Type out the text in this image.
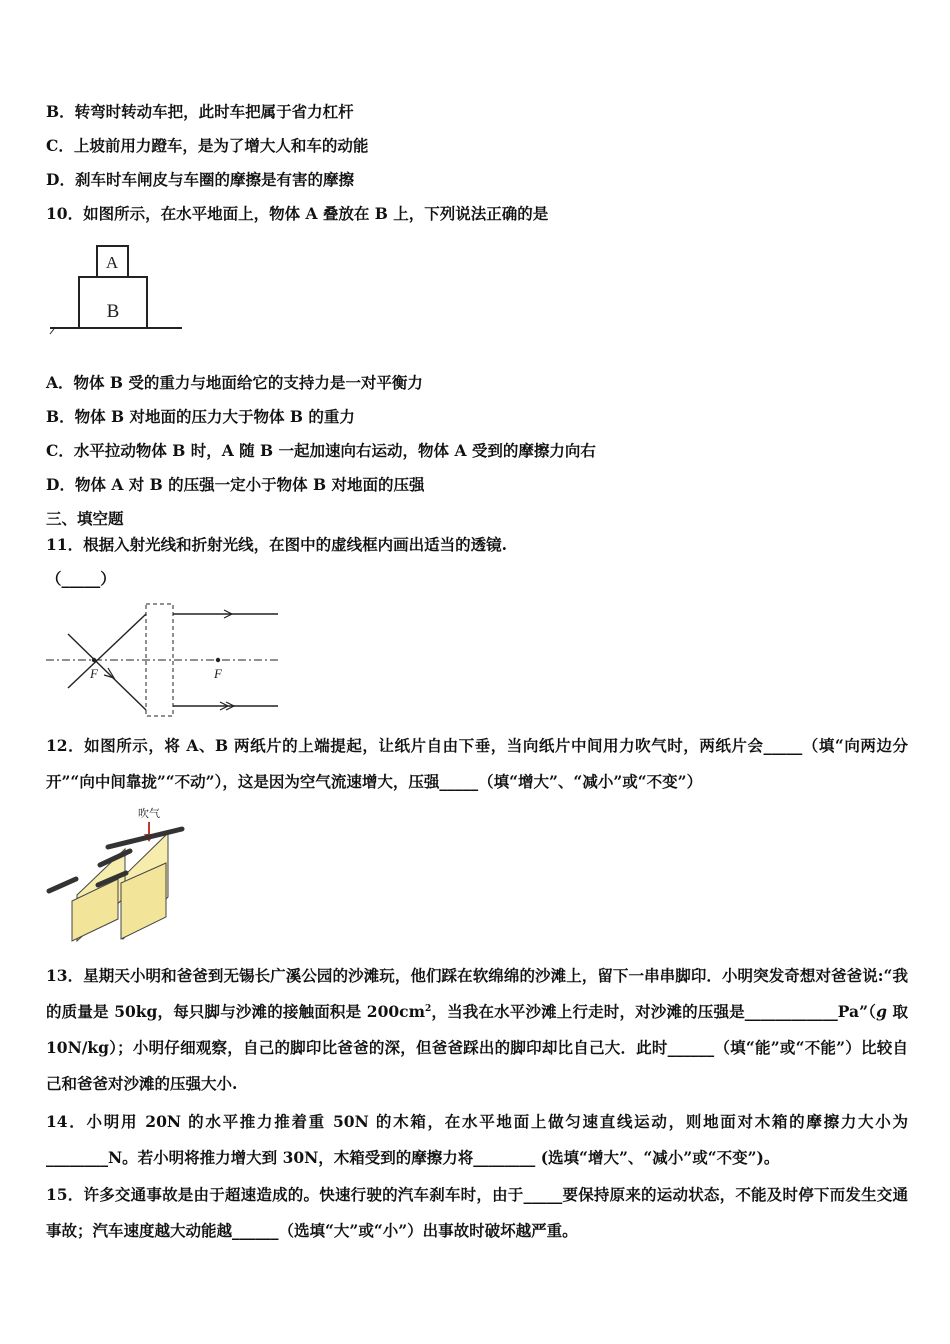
B．转弯时转动车把，此时车把属于省力杠杆
C．上坡前用力蹬车，是为了增大人和车的动能
D．刹车时车闸皮与车圈的摩擦是有害的摩擦
10．如图所示，在水平地面上，物体 A 叠放在 B 上，下列说法正确的是
A
B
A．物体 B 受的重力与地面给它的支持力是一对平衡力
B．物体 B 对地面的压力大于物体 B 的重力
C．水平拉动物体 B 时，A 随 B 一起加速向右运动，物体 A 受到的摩擦力向右
D．物体 A 对 B 的压强一定小于物体 B 对地面的压强
三、填空题
11．根据入射光线和折射光线，在图中的虚线框内画出适当的透镜.
（_____）
F	F
12．如图所示，将 A、B 两纸片的上端提起，让纸片自由下垂，当向纸片中间用力吹气时，两纸片会_____（填“向两边分开”“向中间靠拢”“不动”），这是因为空气流速增大，压强_____（填“增大”、“减小”或“不变”）
吹气
13．星期天小明和爸爸到无锡长广溪公园的沙滩玩，他们踩在软绵绵的沙滩上，留下一串串脚印．小明突发奇想对爸爸说:“我的质量是 50kg，每只脚与沙滩的接触面积是 $200cm^2$，当我在水平沙滩上行走时，对沙滩的压强是____________Pa”（g 取 10N/kg）；小明仔细观察，自己的脚印比爸爸的深，但爸爸踩出的脚印却比自己大．此时______（填“能”或“不能”）比较自己和爸爸对沙滩的压强大小.
14．小明用 20N 的水平推力推着重 50N 的木箱，在水平地面上做匀速直线运动，则地面对木箱的摩擦力大小为 ________N。若小明将推力增大到 30N，木箱受到的摩擦力将________ (选填“增大”、“减小”或“不变”)。
15．许多交通事故是由于超速造成的。快速行驶的汽车刹车时，由于_____要保持原来的运动状态，不能及时停下而发生交通事故；汽车速度越大动能越______（选填“大”或“小”）出事故时破坏越严重。
